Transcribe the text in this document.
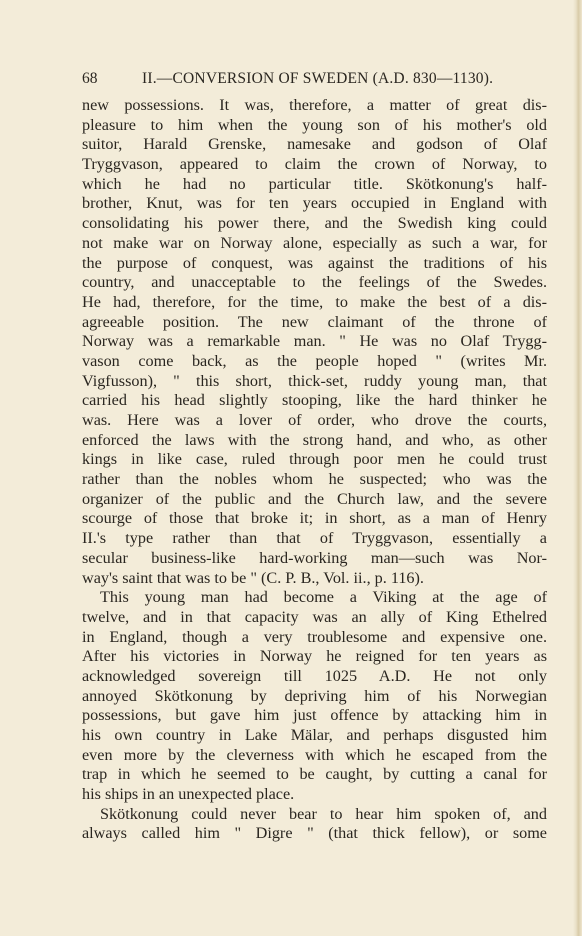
68	II.—CONVERSION OF SWEDEN (A.D. 830—1130).
new possessions. It was, therefore, a matter of great dis-
pleasure to him when the young son of his mother's old
suitor, Harald Grenske, namesake and godson of Olaf
Tryggvason, appeared to claim the crown of Norway, to
which he had no particular title. Skötkonung's half-
brother, Knut, was for ten years occupied in England with
consolidating his power there, and the Swedish king could
not make war on Norway alone, especially as such a war, for
the purpose of conquest, was against the traditions of his
country, and unacceptable to the feelings of the Swedes.
He had, therefore, for the time, to make the best of a dis-
agreeable position. The new claimant of the throne of
Norway was a remarkable man. " He was no Olaf Trygg-
vason come back, as the people hoped " (writes Mr.
Vigfusson), " this short, thick-set, ruddy young man, that
carried his head slightly stooping, like the hard thinker he
was. Here was a lover of order, who drove the courts,
enforced the laws with the strong hand, and who, as other
kings in like case, ruled through poor men he could trust
rather than the nobles whom he suspected; who was the
organizer of the public and the Church law, and the severe
scourge of those that broke it; in short, as a man of Henry
II.'s type rather than that of Tryggvason, essentially a
secular business-like hard-working man—such was Nor-
way's saint that was to be " (C. P. B., Vol. ii., p. 116).
This young man had become a Viking at the age of
twelve, and in that capacity was an ally of King Ethelred
in England, though a very troublesome and expensive one.
After his victories in Norway he reigned for ten years as
acknowledged sovereign till 1025 A.D. He not only
annoyed Skötkonung by depriving him of his Norwegian
possessions, but gave him just offence by attacking him in
his own country in Lake Mälar, and perhaps disgusted him
even more by the cleverness with which he escaped from the
trap in which he seemed to be caught, by cutting a canal for
his ships in an unexpected place.
Skötkonung could never bear to hear him spoken of, and
always called him " Digre " (that thick fellow), or some
